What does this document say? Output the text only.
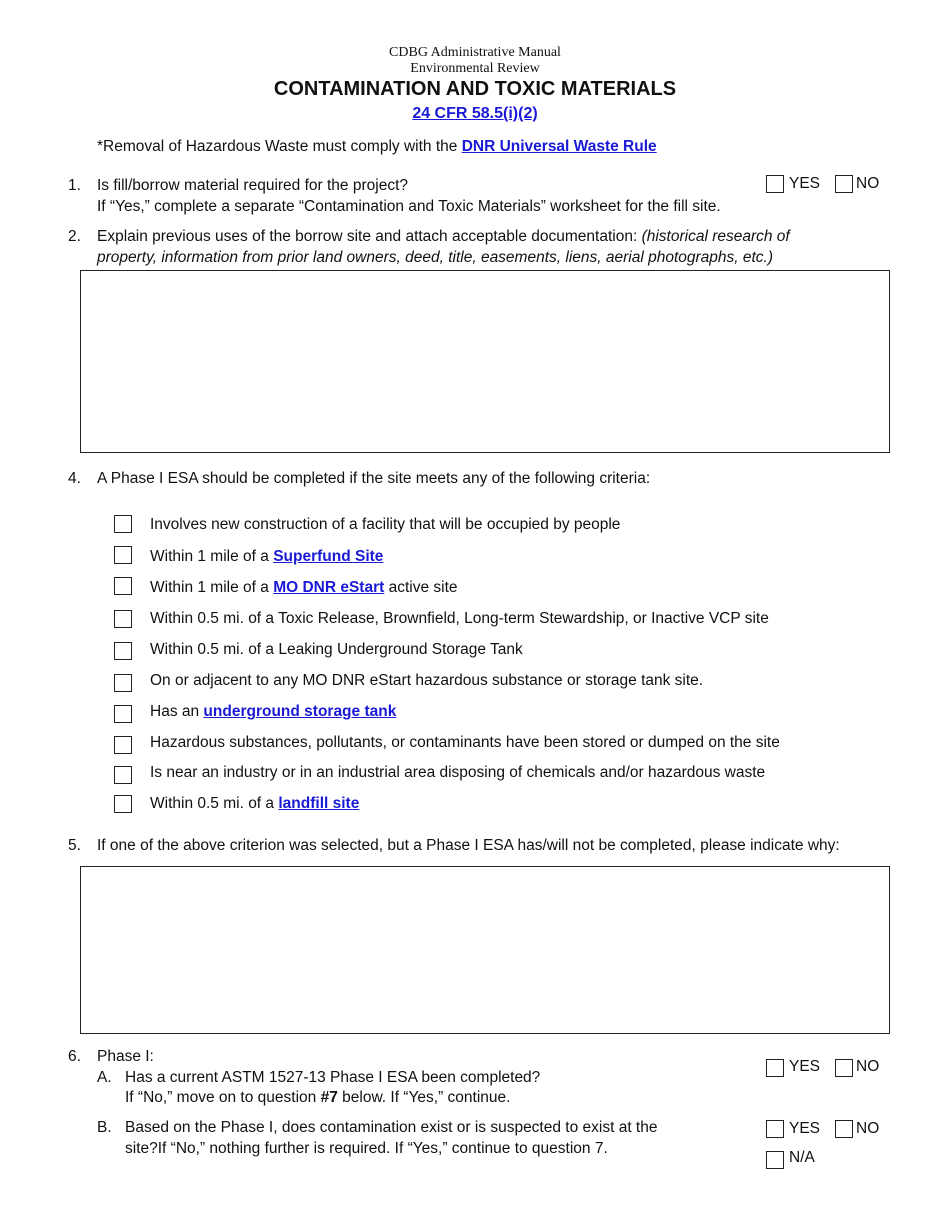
CDBG Administrative Manual
Environmental Review
CONTAMINATION AND TOXIC MATERIALS
24 CFR 58.5(i)(2)
*Removal of Hazardous Waste must comply with the DNR Universal Waste Rule
1. Is fill/borrow material required for the project?
If “Yes,” complete a separate “Contamination and Toxic Materials” worksheet for the fill site.
YES NO
2. Explain previous uses of the borrow site and attach acceptable documentation: (historical research of
property, information from prior land owners, deed, title, easements, liens, aerial photographs, etc.)
4. A Phase I ESA should be completed if the site meets any of the following criteria:
Involves new construction of a facility that will be occupied by people
Within 1 mile of a Superfund Site
Within 1 mile of a MO DNR eStart active site
Within 0.5 mi. of a Toxic Release, Brownfield, Long-term Stewardship, or Inactive VCP site
Within 0.5 mi. of a Leaking Underground Storage Tank
On or adjacent to any MO DNR eStart hazardous substance or storage tank site.
Has an underground storage tank
Hazardous substances, pollutants, or contaminants have been stored or dumped on the site
Is near an industry or in an industrial area disposing of chemicals and/or hazardous waste
Within 0.5 mi. of a landfill site
5. If one of the above criterion was selected, but a Phase I ESA has/will not be completed, please indicate why:
6. Phase I:
A. Has a current ASTM 1527-13 Phase I ESA been completed?
If “No,” move on to question #7 below. If “Yes,” continue.
YES NO
B. Based on the Phase I, does contamination exist or is suspected to exist at the
site?If “No,” nothing further is required. If “Yes,” continue to question 7.
YES NO
N/A
